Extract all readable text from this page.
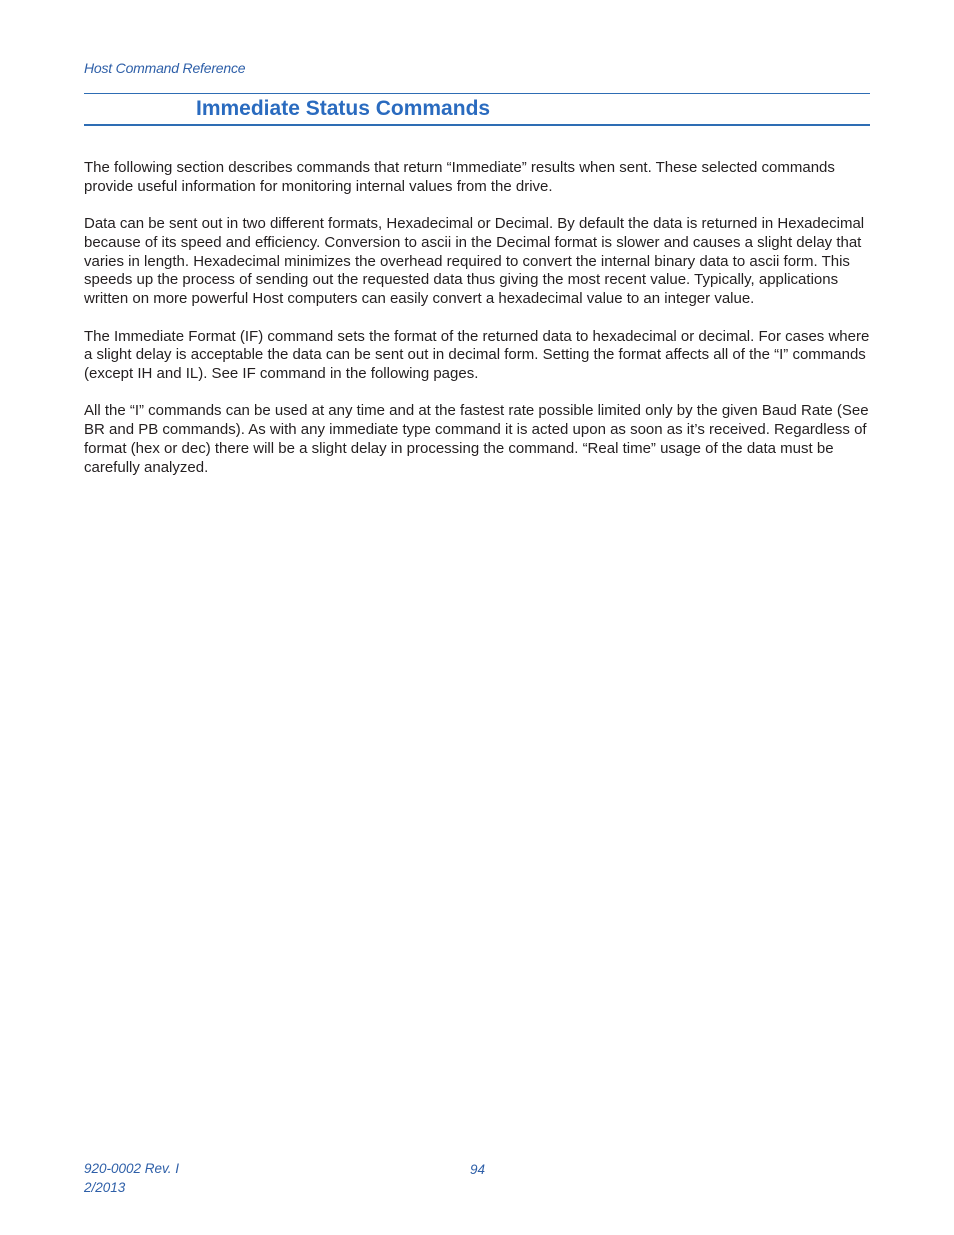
Host Command Reference
Immediate Status Commands

The following section describes commands that return “Immediate” results when sent. These selected commands provide useful information for monitoring internal values from the drive.

Data can be sent out in two different formats, Hexadecimal or Decimal. By default the data is returned in Hexadecimal because of its speed and efficiency. Conversion to ascii in the Decimal format is slower and causes a slight delay that varies in length. Hexadecimal minimizes the overhead required to convert the internal binary data to ascii form. This speeds up the process of sending out the requested data thus giving the most recent value. Typically, applications written on more powerful Host computers can easily convert a hexadecimal value to an integer value.

The Immediate Format (IF) command sets the format of the returned data to hexadecimal or decimal. For cases where a slight delay is acceptable the data can be sent out in decimal form. Setting the format affects all of the “I” commands (except IH and IL). See IF command in the following pages.

All the “I” commands can be used at any time and at the fastest rate possible limited only by the given Baud Rate (See BR and PB commands). As with any immediate type command it is acted upon as soon as it’s received. Regardless of format (hex or dec) there will be a slight delay in processing the command. “Real time” usage of the data must be carefully analyzed.

920-0002 Rev. I
2/2013
94
